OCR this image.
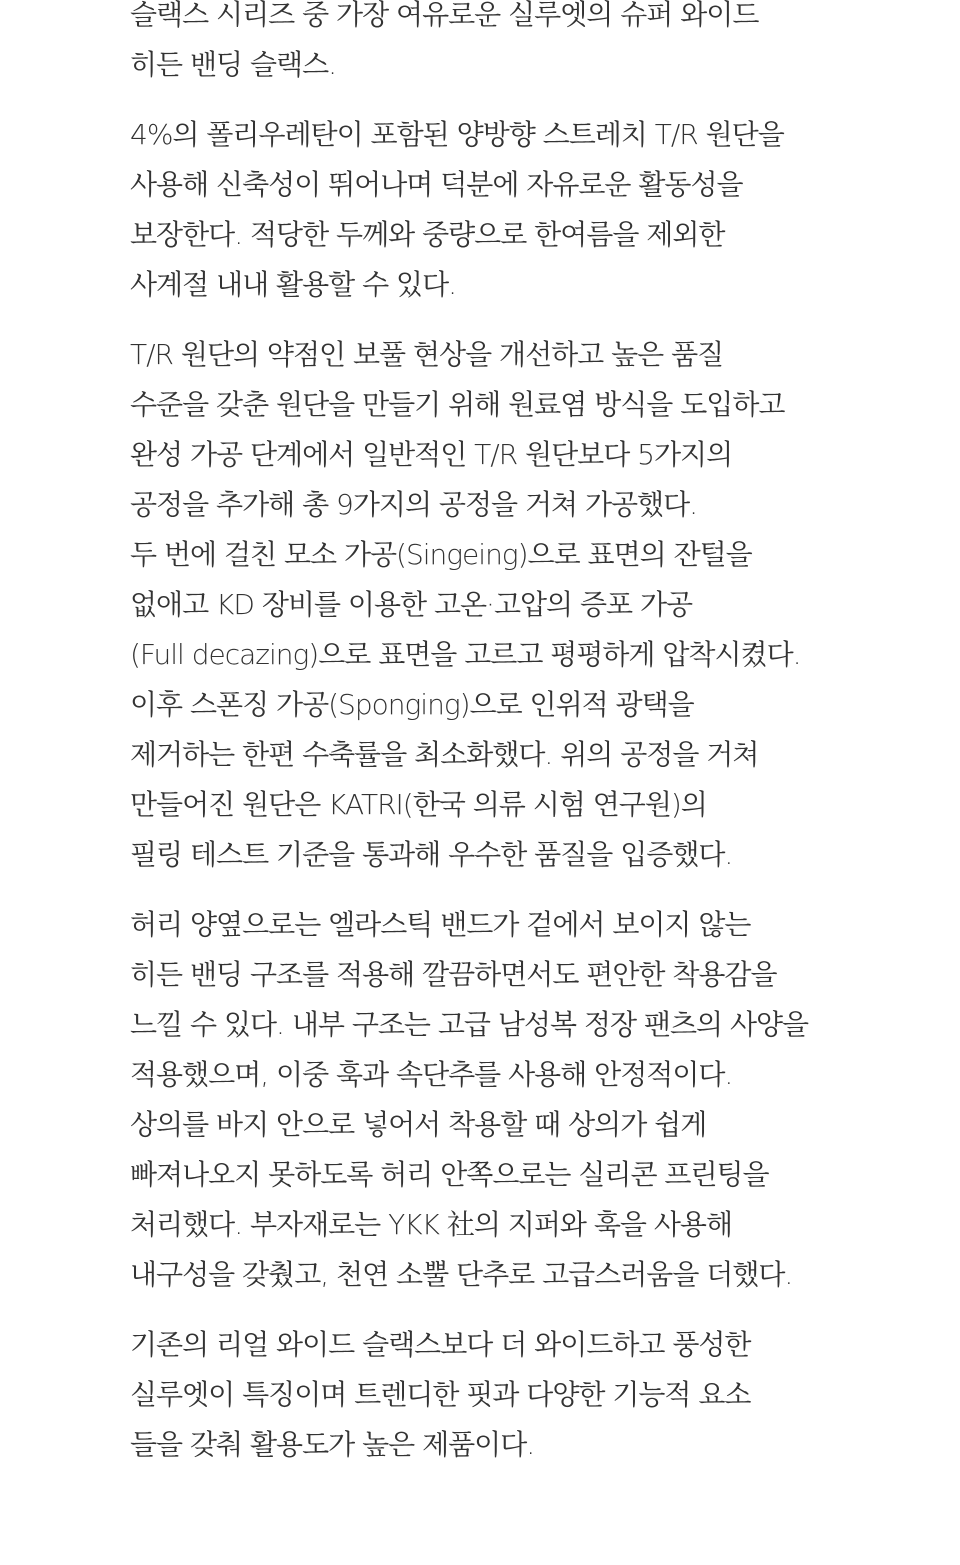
슬랙스 시리즈 중 가장 여유로운 실루엣의 슈퍼 와이드
히든 밴딩 슬랙스.

4%의 폴리우레탄이 포함된 양방향 스트레치 T/R 원단을
사용해 신축성이 뛰어나며 덕분에 자유로운 활동성을
보장한다. 적당한 두께와 중량으로 한여름을 제외한
사계절 내내 활용할 수 있다.

T/R 원단의 약점인 보풀 현상을 개선하고 높은 품질
수준을 갖춘 원단을 만들기 위해 원료염 방식을 도입하고
완성 가공 단계에서 일반적인 T/R 원단보다 5가지의
공정을 추가해 총 9가지의 공정을 거쳐 가공했다.
두 번에 걸친 모소 가공(Singeing)으로 표면의 잔털을
없애고 KD 장비를 이용한 고온·고압의 증포 가공
(Full decazing)으로 표면을 고르고 평평하게 압착시켰다.
이후 스폰징 가공(Sponging)으로 인위적 광택을
제거하는 한편 수축률을 최소화했다. 위의 공정을 거쳐
만들어진 원단은 KATRI(한국 의류 시험 연구원)의
필링 테스트 기준을 통과해 우수한 품질을 입증했다.

허리 양옆으로는 엘라스틱 밴드가 겉에서 보이지 않는
히든 밴딩 구조를 적용해 깔끔하면서도 편안한 착용감을
느낄 수 있다. 내부 구조는 고급 남성복 정장 팬츠의 사양을
적용했으며, 이중 훅과 속단추를 사용해 안정적이다.
상의를 바지 안으로 넣어서 착용할 때 상의가 쉽게
빠져나오지 못하도록 허리 안쪽으로는 실리콘 프린팅을
처리했다. 부자재로는 YKK 社의 지퍼와 훅을 사용해
내구성을 갖췄고, 천연 소뿔 단추로 고급스러움을 더했다.

기존의 리얼 와이드 슬랙스보다 더 와이드하고 풍성한
실루엣이 특징이며 트렌디한 핏과 다양한 기능적 요소
들을 갖춰 활용도가 높은 제품이다.
